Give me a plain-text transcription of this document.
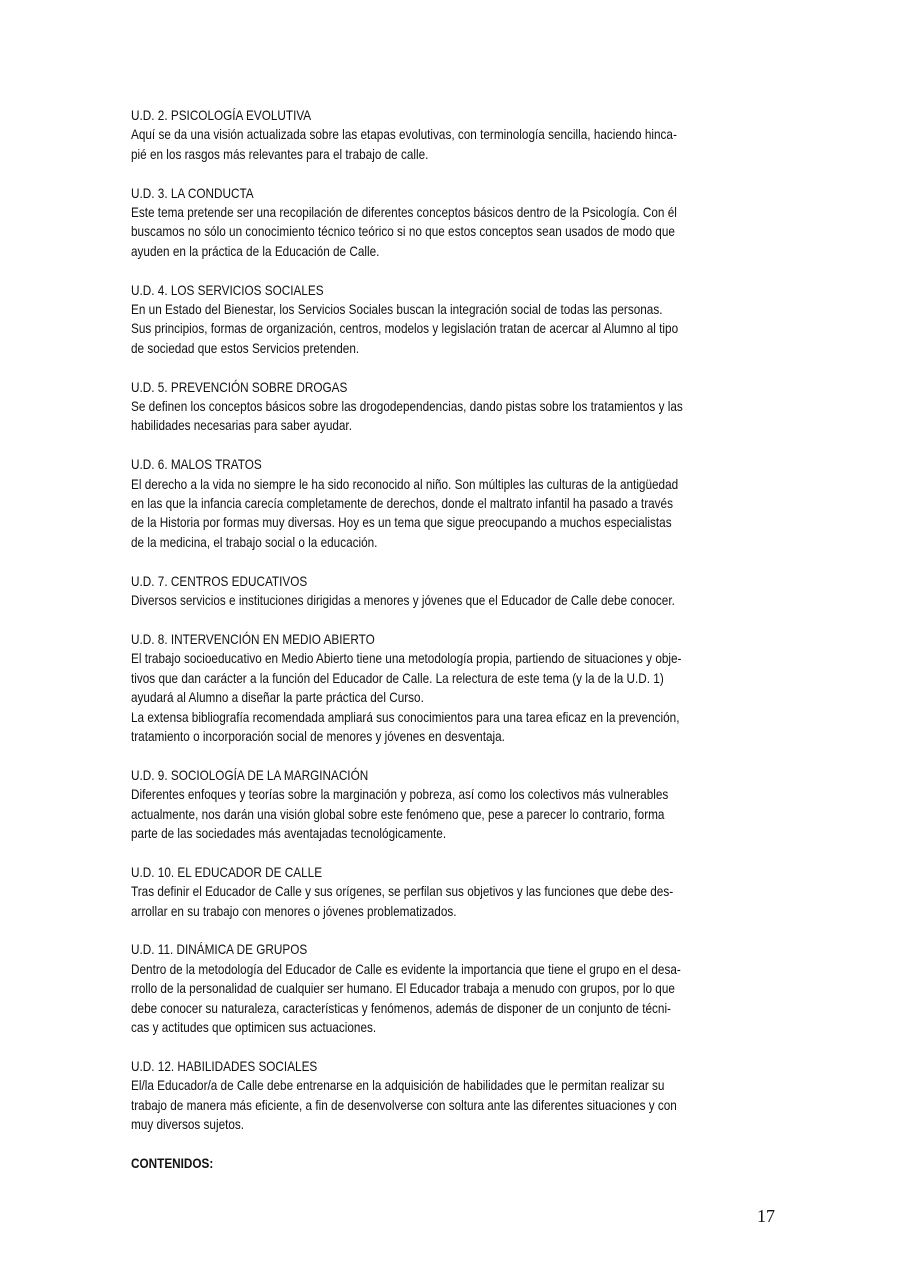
U.D. 2. PSICOLOGÍA EVOLUTIVA
Aquí se da una visión actualizada sobre las etapas evolutivas, con terminología sencilla, haciendo hinca-
pié en los rasgos más relevantes para el trabajo de calle.
U.D. 3. LA CONDUCTA
Este tema pretende ser una recopilación de diferentes conceptos básicos dentro de la Psicología. Con él
buscamos no sólo un conocimiento técnico teórico si no que estos conceptos sean usados de modo que
ayuden en la práctica de la Educación de Calle.
U.D. 4. LOS SERVICIOS SOCIALES
En un Estado del Bienestar, los Servicios Sociales buscan la integración social de todas las personas.
Sus principios, formas de organización, centros, modelos y legislación tratan de acercar al Alumno al tipo
de sociedad que estos Servicios pretenden.
U.D. 5. PREVENCIÓN SOBRE DROGAS
Se definen los conceptos básicos sobre las drogodependencias, dando pistas sobre los tratamientos y las
habilidades necesarias para saber ayudar.
U.D. 6. MALOS TRATOS
El derecho a la vida no siempre le ha sido reconocido al niño. Son múltiples las culturas de la antigüedad
en las que la infancia carecía completamente de derechos, donde el maltrato infantil ha pasado a través
de la Historia por formas muy diversas. Hoy es un tema que sigue preocupando a muchos especialistas
de la medicina, el trabajo social o la educación.
U.D. 7. CENTROS EDUCATIVOS
Diversos servicios e instituciones dirigidas a menores y jóvenes que el Educador de Calle debe conocer.
U.D. 8. INTERVENCIÓN EN MEDIO ABIERTO
El trabajo socioeducativo en Medio Abierto tiene una metodología propia, partiendo de situaciones y obje-
tivos que dan carácter a la función del Educador de Calle. La relectura de este tema (y la de la U.D. 1)
ayudará al Alumno a diseñar la parte práctica del Curso.
La extensa bibliografía recomendada ampliará sus conocimientos para una tarea eficaz en la prevención,
tratamiento o incorporación social de menores y jóvenes en desventaja.
U.D. 9. SOCIOLOGÍA DE LA MARGINACIÓN
Diferentes enfoques y teorías sobre la marginación y pobreza, así como los colectivos más vulnerables
actualmente, nos darán una visión global sobre este fenómeno que, pese a parecer lo contrario, forma
parte de las sociedades más aventajadas tecnológicamente.
U.D. 10. EL EDUCADOR DE CALLE
Tras definir el Educador de Calle y sus orígenes, se perfilan sus objetivos y las funciones que debe des-
arrollar en su trabajo con menores o jóvenes problematizados.
U.D. 11. DINÁMICA DE GRUPOS
Dentro de la metodología del Educador de Calle es evidente la importancia que tiene el grupo en el desa-
rrollo de la personalidad de cualquier ser humano. El Educador trabaja a menudo con grupos, por lo que
debe conocer su naturaleza, características y fenómenos, además de disponer de un conjunto de técni-
cas y actitudes que optimicen sus actuaciones.
U.D. 12. HABILIDADES SOCIALES
El/la Educador/a de Calle debe entrenarse en la adquisición de habilidades que le permitan realizar su
trabajo de manera más eficiente, a fin de desenvolverse con soltura ante las diferentes situaciones y con
muy diversos sujetos.
CONTENIDOS:
17
